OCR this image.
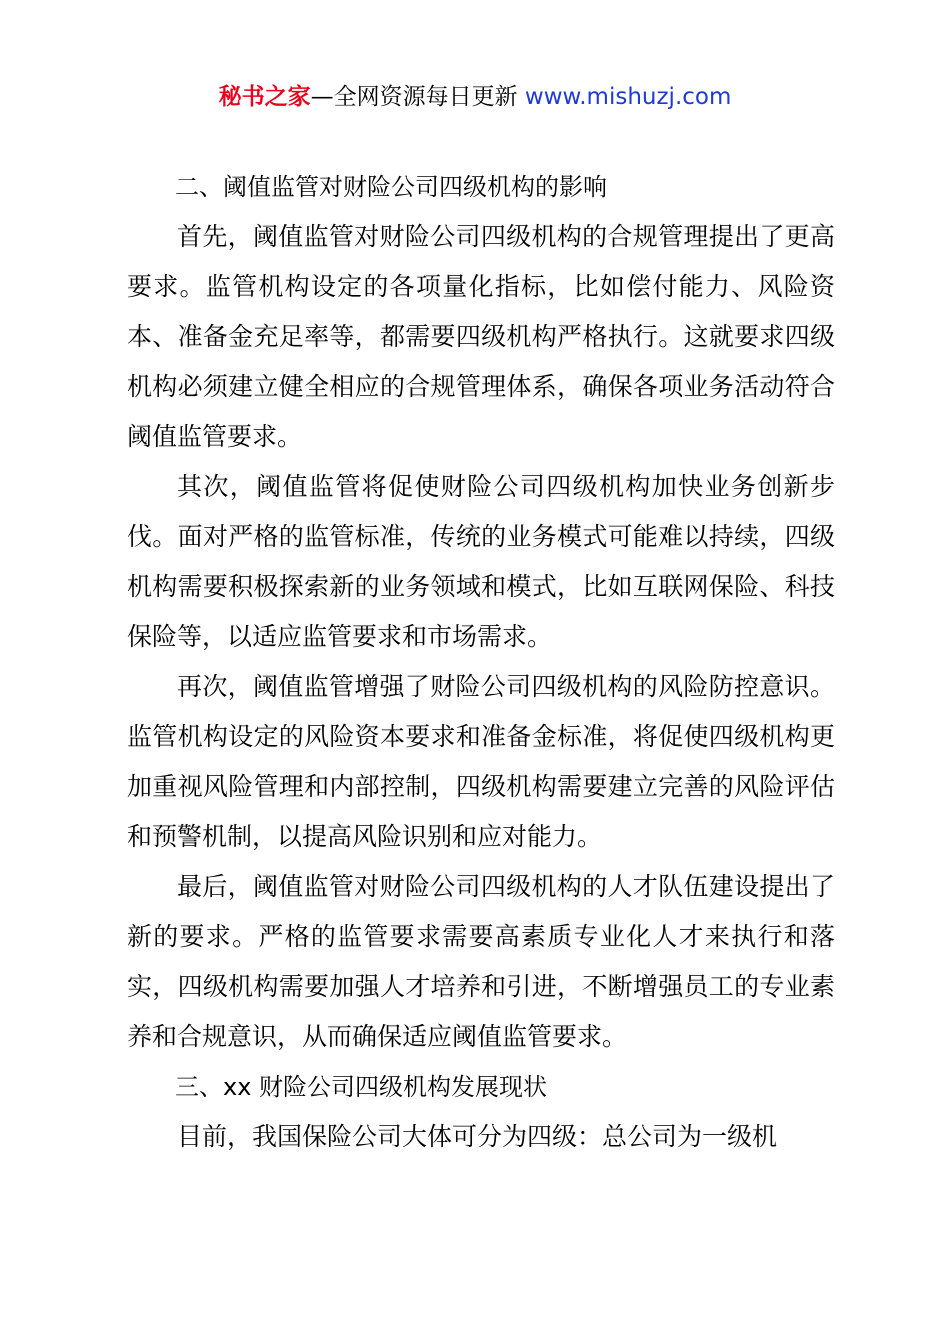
秘书之家—全网资源每日更新 www.mishuzj.com

二、阈值监管对财险公司四级机构的影响

首先，阈值监管对财险公司四级机构的合规管理提出了更高要求。监管机构设定的各项量化指标，比如偿付能力、风险资本、准备金充足率等，都需要四级机构严格执行。这就要求四级机构必须建立健全相应的合规管理体系，确保各项业务活动符合阈值监管要求。

其次，阈值监管将促使财险公司四级机构加快业务创新步伐。面对严格的监管标准，传统的业务模式可能难以持续，四级机构需要积极探索新的业务领域和模式，比如互联网保险、科技保险等，以适应监管要求和市场需求。

再次，阈值监管增强了财险公司四级机构的风险防控意识。监管机构设定的风险资本要求和准备金标准，将促使四级机构更加重视风险管理和内部控制，四级机构需要建立完善的风险评估和预警机制，以提高风险识别和应对能力。

最后，阈值监管对财险公司四级机构的人才队伍建设提出了新的要求。严格的监管要求需要高素质专业化人才来执行和落实，四级机构需要加强人才培养和引进，不断增强员工的专业素养和合规意识，从而确保适应阈值监管要求。

三、xx 财险公司四级机构发展现状

目前，我国保险公司大体可分为四级：总公司为一级机
